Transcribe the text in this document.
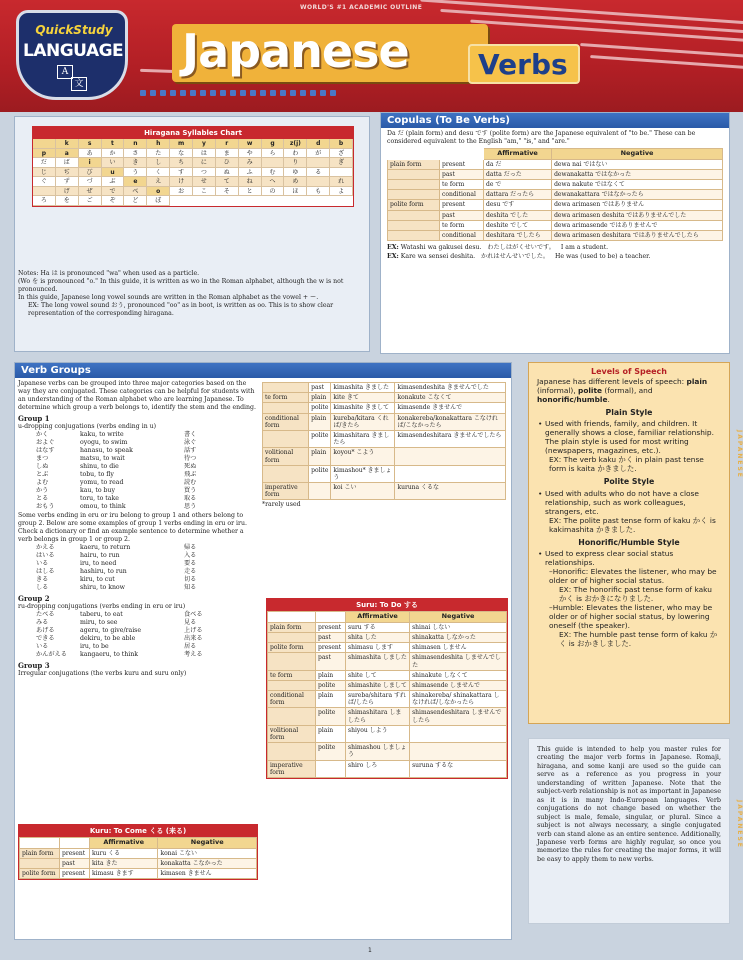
WORLD'S #1 ACADEMIC OUTLINE
QuickStudy
LANGUAGE
A
文
Japanese Verbs
Hiragana Syllables Chart
k	s	t	n	h	m	y	r	w	g	z(j)	d	b
p	a	あ	か	さ	た	な	は	ま	や	ら	わ	が	ざ
だ	ば	i	い	き	し	ち	に	ひ	み	り	ぎ
じ	ぢ	び	u	う	く	す	つ	ぬ	ふ	む	ゆ	る
ぐ	ず	づ	ぶ	e	え	け	せ	て	ね	へ	め	れ
げ	ぜ	で	べ	o	お	こ	そ	と	の	ほ	も	よ
ろ	を	ご	ぞ	ど	ぼ
Notes: Ha は is pronounced "wa" when used as a particle.
(Wo を is pronounced "o." In this guide, it is written as wo in the Roman alphabet, although the w is not pronounced.
In this guide, Japanese long vowel sounds are written in the Roman alphabet as the vowel + ー.
EX: The long vowel sound おう, pronounced "oo" as in boot, is written as oo. This is to show clear representation of the corresponding hiragana.
Copulas (To Be Verbs)
Da だ (plain form) and desu です (polite form) are the Japanese equivalent of "to be." These can be considered equivalent to the English "am," "is," and "are."
		Affirmative	Negative
plain form	present	da だ	dewa nai ではない
	past	datta だった	dewanakatta ではなかった
	te form	de で	dewa nakute ではなくて
	conditional	dattara だったら	dewanakattara ではなかったら
polite form	present	desu です	dewa arimasen ではありません
	past	deshita でした	dewa arimasen deshita ではありませんでした
	te form	deshite でして	dewa arimasende ではありませんで
	conditional	deshitara でしたら	dewa arimasen deshitara ではありませんでしたら
EX: Watashi wa gakusei desu. わたしはがくせいです。 I am a student.
EX: Kare wa sensei deshita. かれはせんせいでした。 He was (used to be) a teacher.
Verb Groups
Japanese verbs can be grouped into three major categories based on the way they are conjugated. These categories can be helpful for students with an understanding of the Roman alphabet who are learning Japanese. To determine which group a verb belongs to, identify the stem and the ending.
Group 1
u-dropping conjugations (verbs ending in u)
かく	kaku, to write	書く
およぐ	oyogu, to swim	泳ぐ
はなす	hanasu, to speak	話す
まつ	matsu, to wait	待つ
しぬ	shinu, to die	死ぬ
とぶ	tobu, to fly	飛ぶ
よむ	yomu, to read	読む
かう	kau, to buy	買う
とる	toru, to take	取る
おもう	omou, to think	思う
Some verbs ending in eru or iru belong to group 1 and others belong to group 2. Below are some examples of group 1 verbs ending in eru or iru. Check a dictionary or find an example sentence to determine whether a verb belongs in group 1 or group 2.
かえる	kaeru, to return	帰る
はいる	hairu, to run	入る
いる	iru, to need	要る
はしる	hashiru, to run	走る
きる	kiru, to cut	切る
しる	shiru, to know	知る
Group 2
ru-dropping conjugations (verbs ending in eru or iru)
たべる	taberu, to eat	食べる
みる	miru, to see	見る
あげる	ageru, to give/raise	上げる
できる	dekiru, to be able	出来る
いる	iru, to be	居る
かんがえる	kangaeru, to think	考える
Group 3
Irregular conjugations (the verbs kuru and suru only)
	past	kimashita きました	kimasendeshita きませんでした
te form	plain	kite きて	konakute こなくて
	polite	kimashite きまして	kimasende きませんで
conditional form	plain	kureba/kitara くれば/きたら	konakereba/konakattara こなければ/こなかったら
	polite	kimashitara きましたら	kimasendeshitara きませんでしたら
volitional form	plain	koyou* こよう	
	polite	kimashou* きましょう	
imperative form		koi こい	kuruna くるな
*rarely used
Kuru: To Come くる (来る)
		Affirmative	Negative
plain form	present	kuru くる	konai こない
	past	kita きた	konakatta こなかった
polite form	present	kimasu きます	kimasen きません
Suru: To Do する
		Affirmative	Negative
plain form	present	suru する	shinai しない
	past	shita した	shinakatta しなかった
polite form	present	shimasu します	shimasen しません
	past	shimashita しました	shimasendeshita しませんでした
te form	plain	shite して	shinakute しなくて
	polite	shimashite しまして	shimasende しませんで
conditional form	plain	sureba/shitara すれば/したら	shinakereba/ shinakattara しなければ/しなかったら
	polite	shimashitara しましたら	shimasendeshitara しませんでしたら
volitional form	plain	shiyou しよう	
	polite	shimashou しましょう	
imperative form		shiro しろ	suruna するな
Levels of Speech
Japanese has different levels of speech: plain (informal), polite (formal), and honorific/humble.
Plain Style
• Used with friends, family, and children. It generally shows a close, familiar relationship. The plain style is used for most writing (newspapers, magazines, etc.).
EX: The verb kaku かく in plain past tense form is kaita かきました.
Polite Style
• Used with adults who do not have a close relationship, such as work colleagues, strangers, etc.
EX: The polite past tense form of kaku かく is kakimashita かきました.
Honorific/Humble Style
• Used to express clear social status relationships.
–Honorific: Elevates the listener, who may be older or of higher social status.
EX: The honorific past tense form of kaku かく is おかきになりました.
–Humble: Elevates the listener, who may be older or of higher social status, by lowering oneself (the speaker).
EX: The humble past tense form of kaku かく is おかきしました.
This guide is intended to help you master rules for creating the major verb forms in Japanese. Romaji, hiragana, and some kanji are used so the guide can serve as a reference as you progress in your understanding of written Japanese. Note that the subject-verb relationship is not as important in Japanese as it is in many Indo-European languages. Verb conjugations do not change based on whether the subject is male, female, singular, or plural. Since a subject is not always necessary, a single conjugated verb can stand alone as an entire sentence. Additionally, Japanese verb forms are highly regular, so once you memorize the rules for creating the major forms, it will be easy to apply them to new verbs.
JAPANESE
JAPANESE
1
